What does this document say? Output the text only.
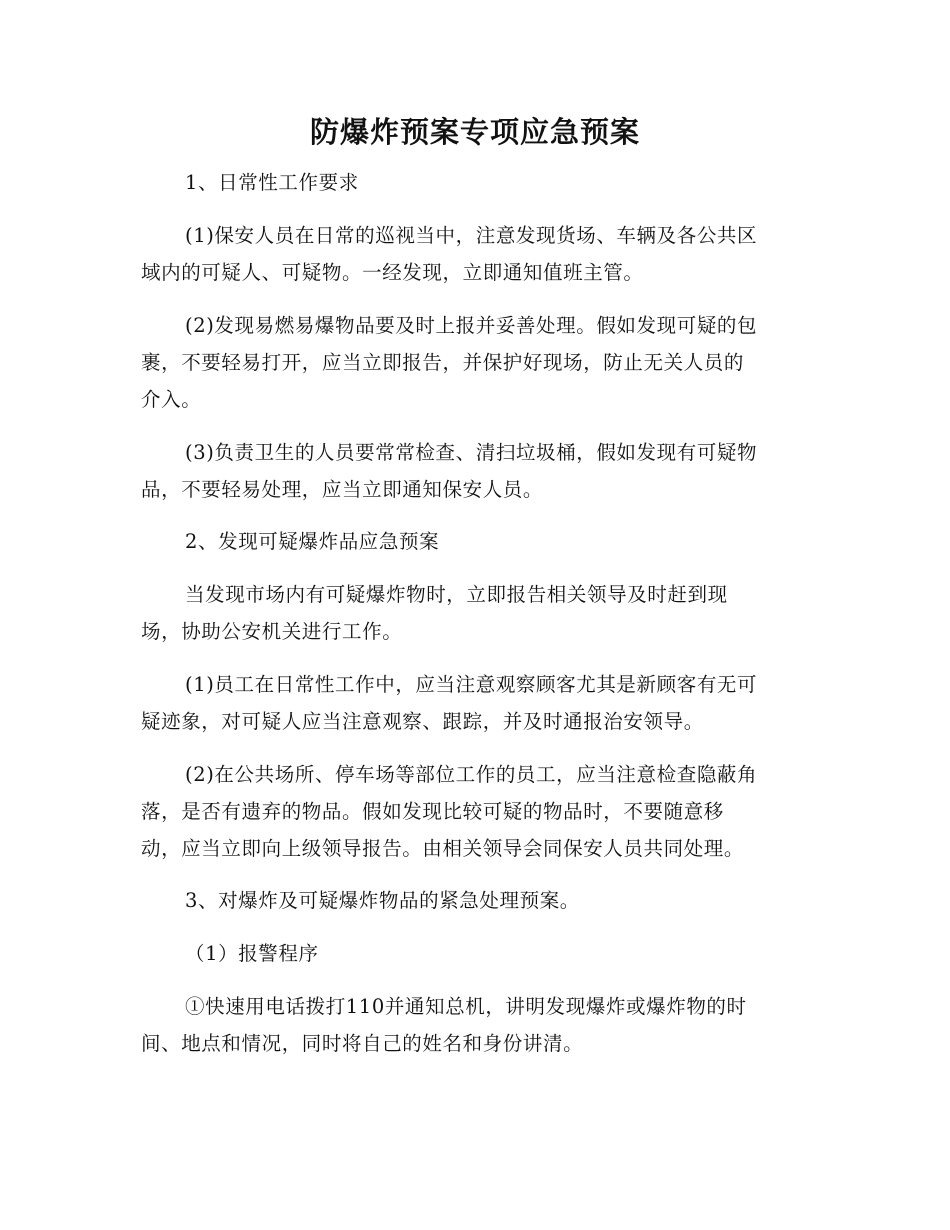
防爆炸预案专项应急预案
1、日常性工作要求
(1)保安人员在日常的巡视当中，注意发现货场、车辆及各公共区
域内的可疑人、可疑物。一经发现，立即通知值班主管。
(2)发现易燃易爆物品要及时上报并妥善处理。假如发现可疑的包
裹，不要轻易打开，应当立即报告，并保护好现场，防止无关人员的
介入。
(3)负责卫生的人员要常常检查、清扫垃圾桶，假如发现有可疑物
品，不要轻易处理，应当立即通知保安人员。
2、发现可疑爆炸品应急预案
当发现市场内有可疑爆炸物时，立即报告相关领导及时赶到现
场，协助公安机关进行工作。
(1)员工在日常性工作中，应当注意观察顾客尤其是新顾客有无可
疑迹象，对可疑人应当注意观察、跟踪，并及时通报治安领导。
(2)在公共场所、停车场等部位工作的员工，应当注意检查隐蔽角
落，是否有遗弃的物品。假如发现比较可疑的物品时，不要随意移
动，应当立即向上级领导报告。由相关领导会同保安人员共同处理。
3、对爆炸及可疑爆炸物品的紧急处理预案。
（1）报警程序
①快速用电话拨打110并通知总机，讲明发现爆炸或爆炸物的时
间、地点和情况，同时将自己的姓名和身份讲清。
